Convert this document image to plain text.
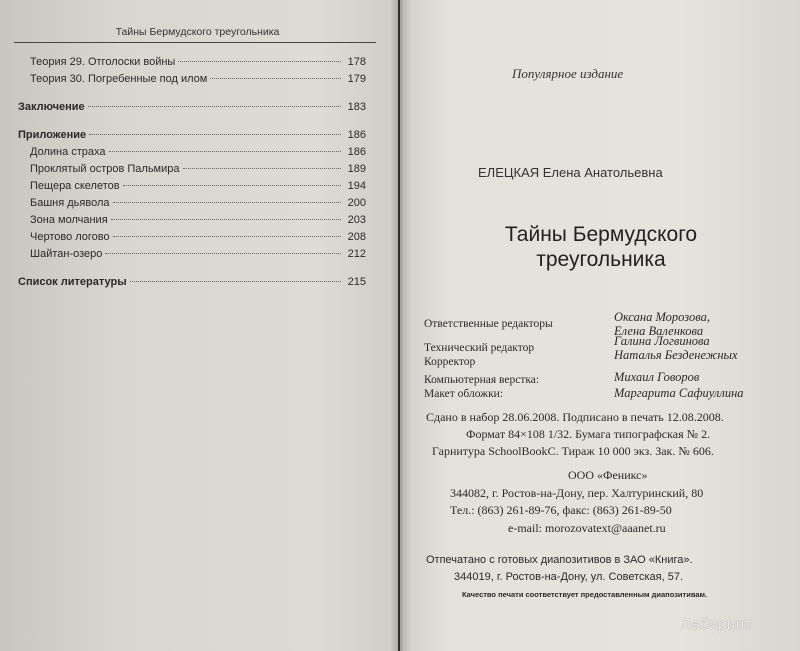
Тайны Бермудского треугольника
Теория 29. Отголоски войны	178
Теория 30. Погребенные под илом	179
Заключение	183
Приложение	186
Долина страха	186
Проклятый остров Пальмира	189
Пещера скелетов	194
Башня дьявола	200
Зона молчания	203
Чертово логово	208
Шайтан-озеро	212
Список литературы	215
Популярное издание
ЕЛЕЦКАЯ Елена Анатольевна
Тайны Бермудского
треугольника
Ответственные редакторы	Оксана Морозова,
Елена Валенкова
Технический редактор	Галина Логвинова
Корректор	Наталья Безденежных
Компьютерная верстка:	Михаил Говоров
Макет обложки:	Маргарита Сафиуллина
Сдано в набор 28.06.2008. Подписано в печать 12.08.2008.
Формат 84×108 1/32. Бумага типографская № 2.
Гарнитура SchoolBookC. Тираж 10 000 экз. Зак. № 606.
ООО «Феникс»
344082, г. Ростов-на-Дону, пер. Халтуринский, 80
Тел.: (863) 261-89-76, факс: (863) 261-89-50
e-mail: morozovatext@aaanet.ru
Отпечатано с готовых диапозитивов в ЗАО «Книга».
344019, г. Ростов-на-Дону, ул. Советская, 57.
Качество печати соответствует предоставленным диапозитивам.
Лабиринт
